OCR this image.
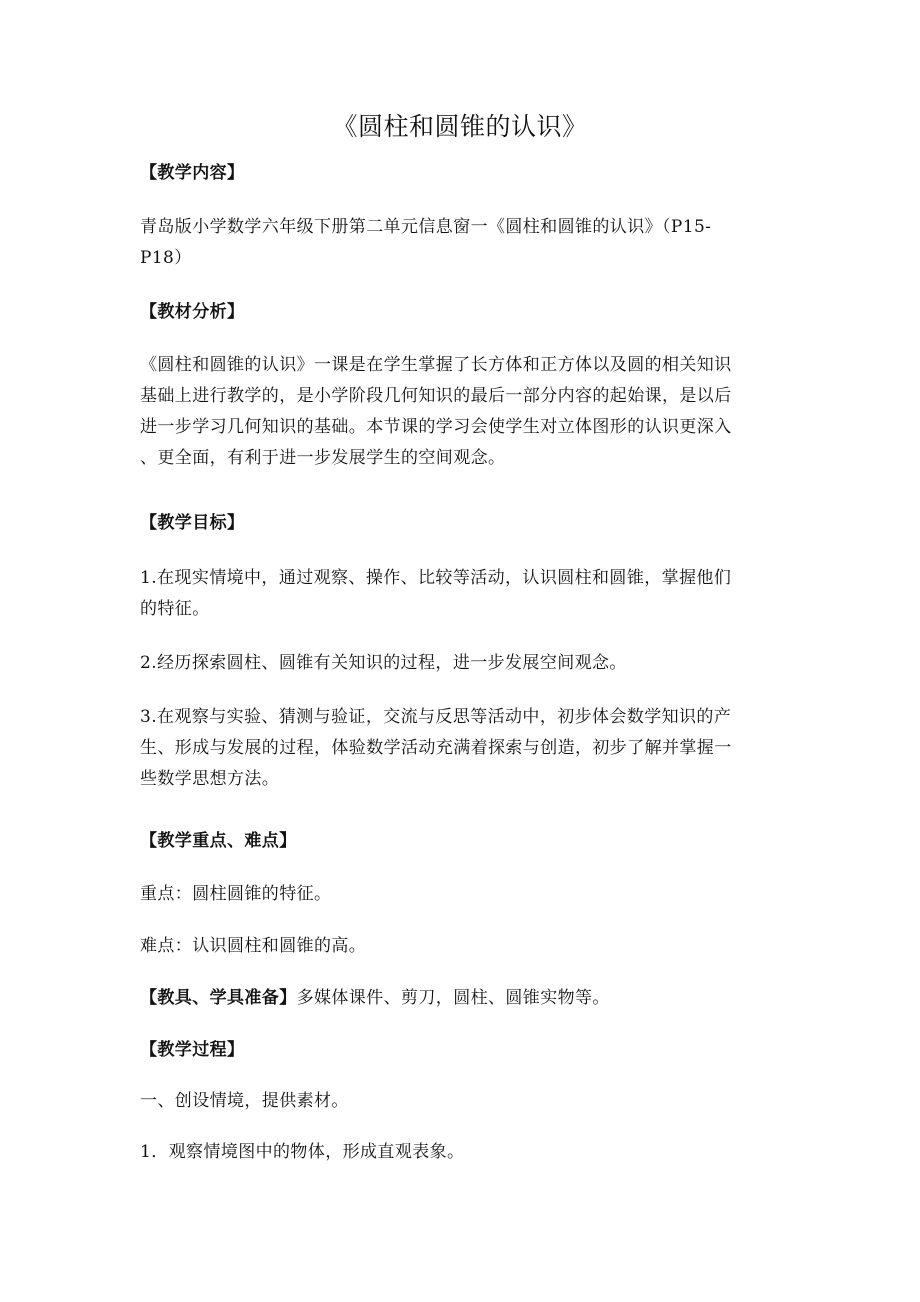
《圆柱和圆锥的认识》
【教学内容】
青岛版小学数学六年级下册第二单元信息窗一《圆柱和圆锥的认识》（P15-
P18）
【教材分析】
《圆柱和圆锥的认识》一课是在学生掌握了长方体和正方体以及圆的相关知识
基础上进行教学的，是小学阶段几何知识的最后一部分内容的起始课，是以后
进一步学习几何知识的基础。本节课的学习会使学生对立体图形的认识更深入
、更全面，有利于进一步发展学生的空间观念。
【教学目标】
1.在现实情境中，通过观察、操作、比较等活动，认识圆柱和圆锥，掌握他们
的特征。
2.经历探索圆柱、圆锥有关知识的过程，进一步发展空间观念。
3.在观察与实验、猜测与验证，交流与反思等活动中，初步体会数学知识的产
生、形成与发展的过程，体验数学活动充满着探索与创造，初步了解并掌握一
些数学思想方法。
【教学重点、难点】
重点：圆柱圆锥的特征。
难点：认识圆柱和圆锥的高。
【教具、学具准备】多媒体课件、剪刀，圆柱、圆锥实物等。
【教学过程】
一、创设情境，提供素材。
1．观察情境图中的物体，形成直观表象。
